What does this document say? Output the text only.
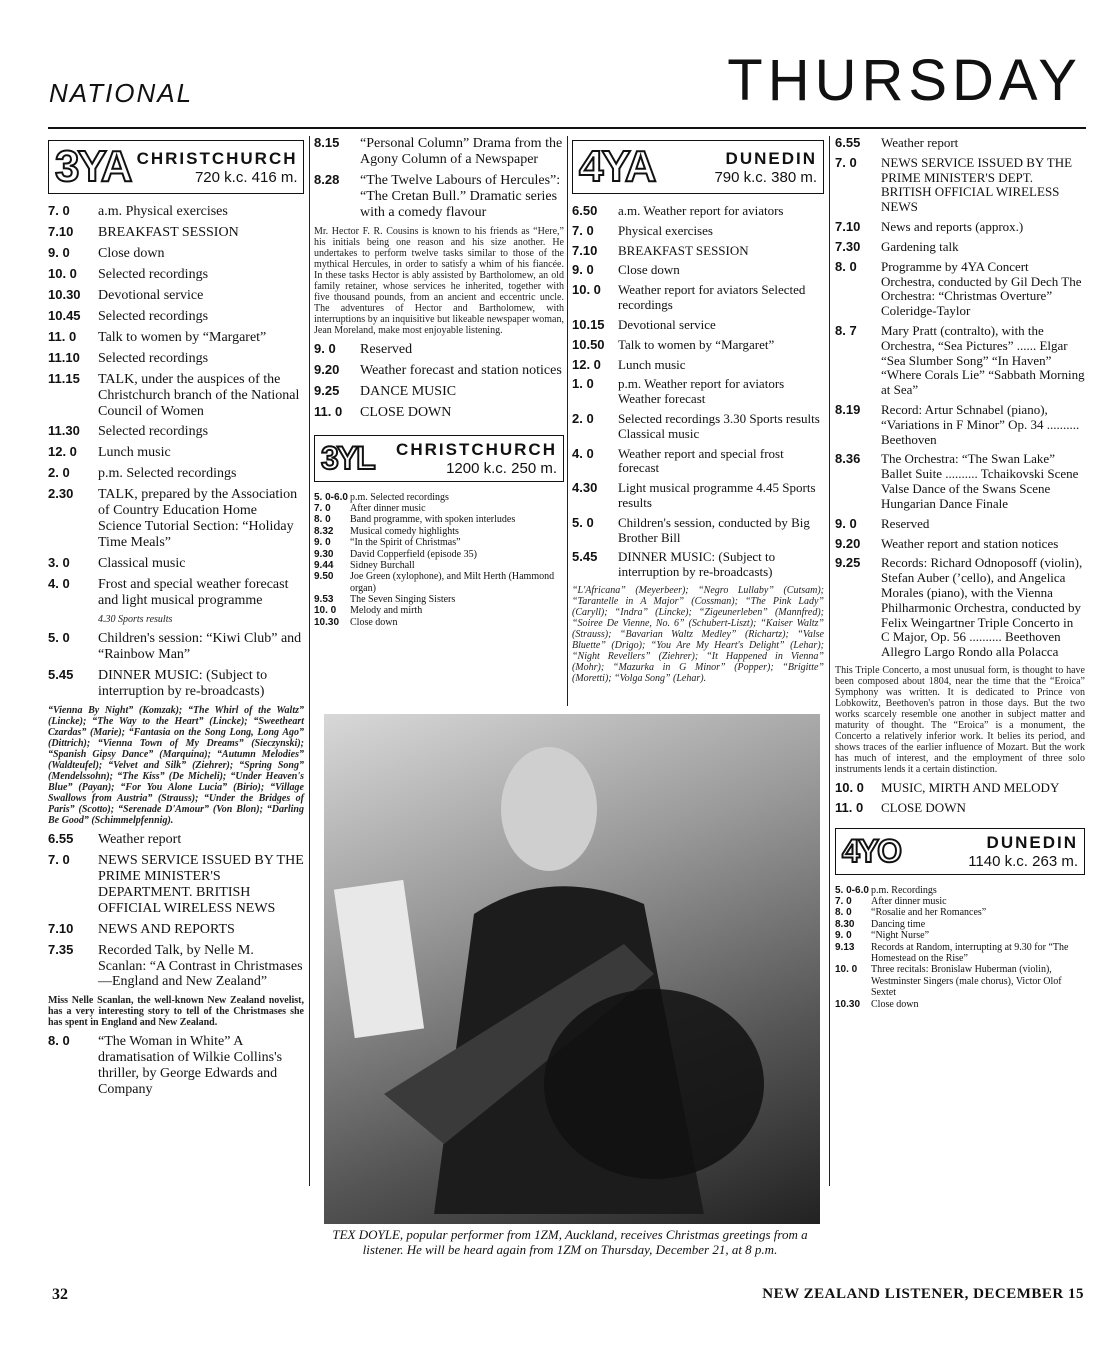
NATIONAL	THURSDAY
3YA CHRISTCHURCH
720 k.c. 416 m.
7. 0	a.m. Physical exercises
7.10	BREAKFAST SESSION
9. 0	Close down
10. 0	Selected recordings
10.30	Devotional service
10.45	Selected recordings
11. 0	Talk to women by “Margaret”
11.10	Selected recordings
11.15	TALK, under the auspices of the Christchurch branch of the National Council of Women
11.30	Selected recordings
12. 0	Lunch music
2. 0	p.m. Selected recordings
2.30	TALK, prepared by the Association of Country Education Home Science Tutorial Section: “Holiday Time Meals”
3. 0	Classical music
4. 0	Frost and special weather forecast and light musical programme
4.30 Sports results
5. 0	Children's session: “Kiwi Club” and “Rainbow Man”
5.45	DINNER MUSIC: (Subject to interruption by re-broadcasts)
“Vienna By Night” (Komzak); “The Whirl of the Waltz” (Lincke); “The Way to the Heart” (Lincke); “Sweetheart Czardas” (Marie); “Fantasia on the Song Long, Long Ago” (Dittrich); “Vienna Town of My Dreams” (Sieczynski); “Spanish Gipsy Dance” (Marquina); “Autumn Melodies” (Waldteufel); “Velvet and Silk” (Ziehrer); “Spring Song” (Mendelssohn); “The Kiss” (De Micheli); “Under Heaven's Blue” (Payan); “For You Alone Lucia” (Birio); “Village Swallows from Austria” (Strauss); “Under the Bridges of Paris” (Scotto); “Serenade D'Amour” (Von Blon); “Darling Be Good” (Schimmelpfennig).
6.55	Weather report
7. 0	NEWS SERVICE ISSUED BY THE PRIME MINISTER'S DEPARTMENT. BRITISH OFFICIAL WIRELESS NEWS
7.10	NEWS AND REPORTS
7.35	Recorded Talk, by Nelle M. Scanlan: “A Contrast in Christmases —England and New Zealand”
Miss Nelle Scanlan, the well-known New Zealand novelist, has a very interesting story to tell of the Christmases she has spent in England and New Zealand.
8. 0	“The Woman in White” A dramatisation of Wilkie Collins's thriller, by George Edwards and Company
8.15	“Personal Column” Drama from the Agony Column of a Newspaper
8.28	“The Twelve Labours of Hercules”: “The Cretan Bull.” Dramatic series with a comedy flavour
Mr. Hector F. R. Cousins is known to his friends as “Here,” his initials being one reason and his size another. He undertakes to perform twelve tasks similar to those of the mythical Hercules, in order to satisfy a whim of his fiancée. In these tasks Hector is ably assisted by Bartholomew, an old family retainer, whose services he inherited, together with five thousand pounds, from an ancient and eccentric uncle. The adventures of Hector and Bartholomew, with interruptions by an inquisitive but likeable newspaper woman, Jean Moreland, make most enjoyable listening.
9. 0	Reserved
9.20	Weather forecast and station notices
9.25	DANCE MUSIC
11. 0	CLOSE DOWN
3YL	CHRISTCHURCH
1200 k.c. 250 m.
5. 0-6.0 p.m. Selected recordings
7. 0	After dinner music
8. 0	Band programme, with spoken interludes
8.32	Musical comedy highlights
9. 0	“In the Spirit of Christmas”
9.30	David Copperfield (episode 35)
9.44	Sidney Burchall
9.50	Joe Green (xylophone), and Milt Herth (Hammond organ)
9.53	The Seven Singing Sisters
10. 0	Melody and mirth
10.30	Close down
4YA	DUNEDIN
790 k.c. 380 m.
6.50	a.m. Weather report for aviators
7. 0	Physical exercises
7.10	BREAKFAST SESSION
9. 0	Close down
10. 0	Weather report for aviators Selected recordings
10.15	Devotional service
10.50	Talk to women by “Margaret”
12. 0	Lunch music
1. 0	p.m. Weather report for aviators Weather forecast
2. 0	Selected recordings 3.30 Sports results Classical music
4. 0	Weather report and special frost forecast
4.30	Light musical programme 4.45 Sports results
5. 0	Children's session, conducted by Big Brother Bill
5.45	DINNER MUSIC: (Subject to interruption by re-broadcasts)
“L'Africana” (Meyerbeer); “Negro Lullaby” (Cutsam); “Tarantelle in A Major” (Cossman); “The Pink Lady” (Caryll); “Indra” (Lincke); “Zigeunerleben” (Mannfred); “Soiree De Vienne, No. 6” (Schubert-Liszt); “Kaiser Waltz” (Strauss); “Bavarian Waltz Medley” (Richartz); “Valse Bluette” (Drigo); “You Are My Heart's Delight” (Lehar); “Night Revellers” (Ziehrer); “It Happened in Vienna” (Mohr); “Mazurka in G Minor” (Popper); “Brigitte” (Moretti); “Volga Song” (Lehar).
6.55	Weather report
7. 0	NEWS SERVICE ISSUED BY THE PRIME MINISTER'S DEPT. BRITISH OFFICIAL WIRELESS NEWS
7.10	News and reports (approx.)
7.30	Gardening talk
8. 0	Programme by 4YA Concert Orchestra, conducted by Gil Dech The Orchestra: “Christmas Overture” Coleridge-Taylor
8. 7	Mary Pratt (contralto), with the Orchestra, “Sea Pictures” ...... Elgar “Sea Slumber Song” “In Haven” “Where Corals Lie” “Sabbath Morning at Sea”
8.19	Record: Artur Schnabel (piano), “Variations in F Minor” Op. 34 .......... Beethoven
8.36	The Orchestra: “The Swan Lake” Ballet Suite .......... Tchaikovski Scene Valse Dance of the Swans Scene Hungarian Dance Finale
9. 0	Reserved
9.20	Weather report and station notices
9.25	Records: Richard Odnoposoff (violin), Stefan Auber (’cello), and Angelica Morales (piano), with the Vienna Philharmonic Orchestra, conducted by Felix Weingartner Triple Concerto in C Major, Op. 56 .......... Beethoven Allegro Largo Rondo alla Polacca
This Triple Concerto, a most unusual form, is thought to have been composed about 1804, near the time that the “Eroica” Symphony was written. It is dedicated to Prince von Lobkowitz, Beethoven's patron in those days. But the two works scarcely resemble one another in subject matter and maturity of thought. The “Eroica” is a monument, the Concerto a relatively inferior work. It belies its period, and shows traces of the earlier influence of Mozart. But the work has much of interest, and the employment of three solo instruments lends it a certain distinction.
10. 0	MUSIC, MIRTH AND MELODY
11. 0	CLOSE DOWN
4YO	DUNEDIN
1140 k.c. 263 m.
5. 0-6.0 p.m. Recordings
7. 0	After dinner music
8. 0	“Rosalie and her Romances”
8.30	Dancing time
9. 0	“Night Nurse”
9.13	Records at Random, interrupting at 9.30 for “The Homestead on the Rise”
10. 0	Three recitals: Bronislaw Huberman (violin), Westminster Singers (male chorus), Victor Olof Sextet
10.30	Close down
TEX DOYLE, popular performer from 1ZM, Auckland, receives Christmas greetings from a listener. He will be heard again from 1ZM on Thursday, December 21, at 8 p.m.
32	NEW ZEALAND LISTENER, DECEMBER 15
